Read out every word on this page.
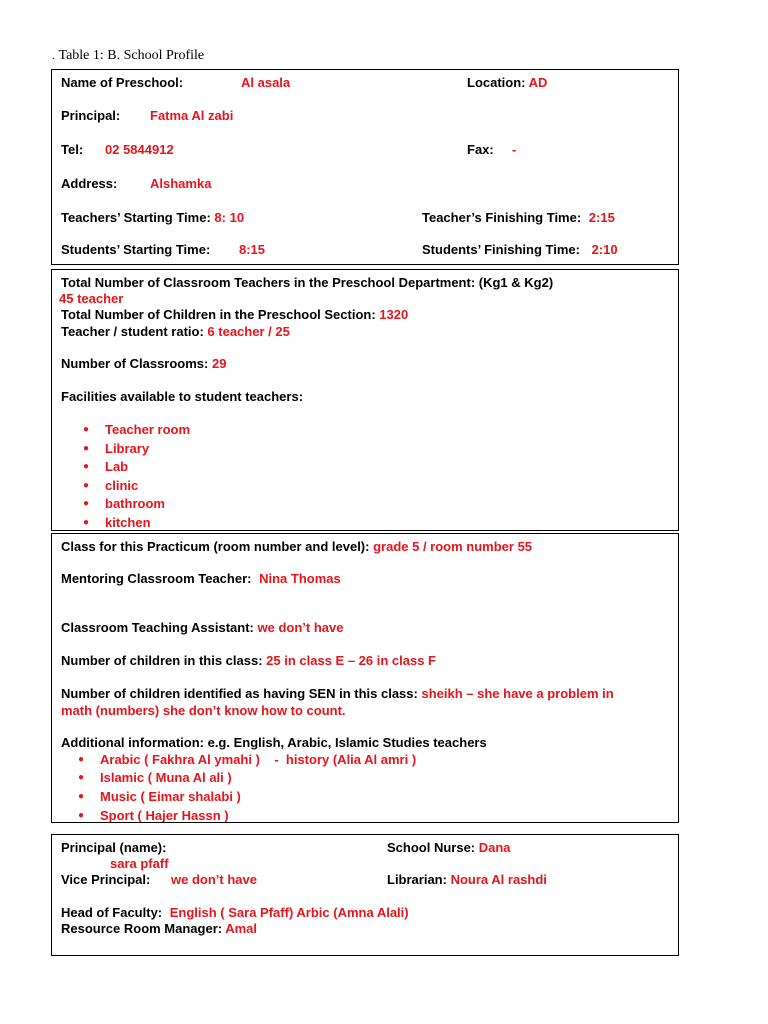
. Table 1: B. School Profile
Name of Preschool:	Al asala	Location: AD
Principal: Fatma Al zabi
Tel: 02 5844912	Fax: -
Address:	Alshamka
Teachers’ Starting Time: 8: 10	Teacher’s Finishing Time: 2:15
Students’ Starting Time: 8:15	Students’ Finishing Time: 2:10
Total Number of Classroom Teachers in the Preschool Department: (Kg1 & Kg2)
45 teacher
Total Number of Children in the Preschool Section: 1320
Teacher / student ratio: 6 teacher / 25
Number of Classrooms: 29
Facilities available to student teachers:
● Teacher room
● Library
● Lab
● clinic
● bathroom
● kitchen
Class for this Practicum (room number and level): grade 5 / room number 55
Mentoring Classroom Teacher: Nina Thomas
Classroom Teaching Assistant: we don’t have
Number of children in this class: 25 in class E – 26 in class F
Number of children identified as having SEN in this class: sheikh – she have a problem in
math (numbers) she don’t know how to count.
Additional information: e.g. English, Arabic, Islamic Studies teachers
● Arabic ( Fakhra Al ymahi )    -  history (Alia Al amri )
● Islamic ( Muna Al ali )
● Music ( Eimar shalabi )
● Sport ( Hajer Hassn )
Principal (name):
sara pfaff
School Nurse: Dana
Vice Principal: we don’t have	Librarian: Noura Al rashdi
Head of Faculty: English ( Sara Pfaff) Arbic (Amna Alali)
Resource Room Manager: Amal
